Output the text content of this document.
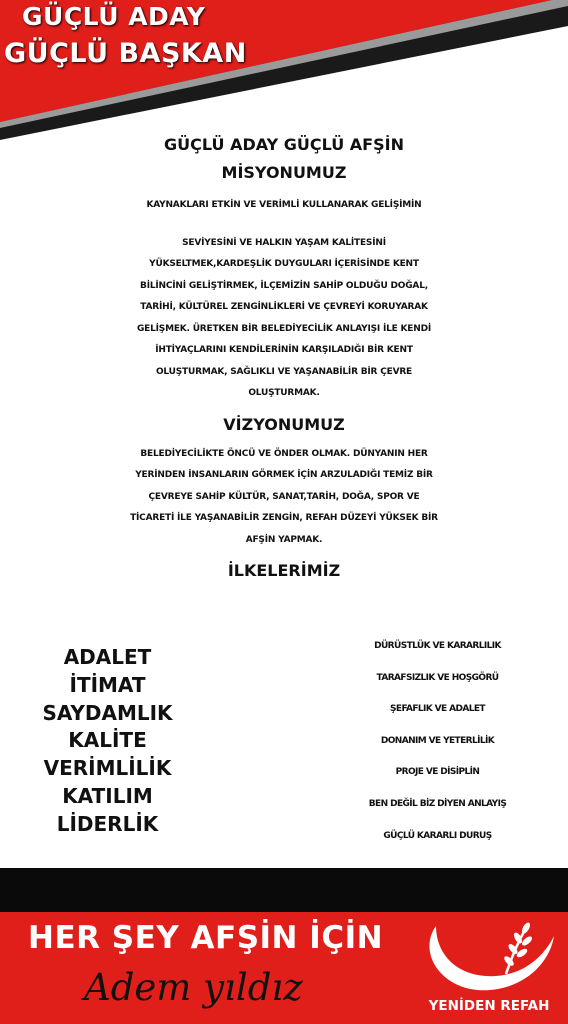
GÜÇLÜ ADAY
GÜÇLÜ BAŞKAN

GÜÇLÜ ADAY GÜÇLÜ AFŞİN

MİSYONUMUZ

KAYNAKLARI ETKİN VE VERİMLİ KULLANARAK GELİŞİMİN

SEVİYESİNİ VE HALKIN YAŞAM KALİTESİNİ

YÜKSELTMEK,KARDEŞLİK DUYGULARI İÇERİSİNDE KENT

BİLİNCİNİ GELİŞTİRMEK, İLÇEMİZİN SAHİP OLDUĞU DOĞAL,

TARİHİ, KÜLTÜREL ZENGİNLİKLERİ VE ÇEVREYİ KORUYARAK

GELİŞMEK. ÜRETKEN BİR BELEDİYECİLİK ANLAYIŞI İLE KENDİ

İHTİYAÇLARINI KENDİLERİNİN KARŞILADIĞI BİR KENT

OLUŞTURMAK, SAĞLIKLI VE YAŞANABİLİR BİR ÇEVRE

OLUŞTURMAK.

VİZYONUMUZ

BELEDİYECİLİKTE ÖNCÜ VE ÖNDER OLMAK. DÜNYANIN HER

YERİNDEN İNSANLARIN GÖRMEK İÇİN ARZULADIĞI TEMİZ BİR

ÇEVREYE SAHİP KÜLTÜR, SANAT,TARİH, DOĞA, SPOR VE

TİCARETİ İLE YAŞANABİLİR ZENGİN, REFAH DÜZEYİ YÜKSEK BİR

AFŞİN YAPMAK.

İLKELERİMİZ

ADALET
İTİMAT
SAYDAMLIK
KALİTE
VERİMLİLİK
KATILIM
LİDERLİK
DÜRÜSTLÜK VE KARARLILIK
TARAFSIZLIK VE HOŞGÖRÜ
ŞEFAFLIK VE ADALET
DONANIM VE YETERLİLİK
PROJE VE DİSİPLİN
BEN DEĞİL BİZ DİYEN ANLAYIŞ
GÜÇLÜ KARARLI DURUŞ
HER ŞEY AFŞİN İÇİN
Adem yıldız	YENİDEN REFAH
